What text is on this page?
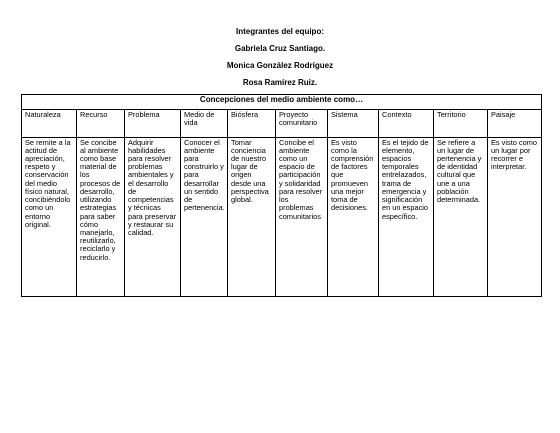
Integrantes del equipo:
Gabriela Cruz Santiago.
Monica González Rodríguez
Rosa Ramírez Ruiz.
Concepciones del medio ambiente como…									
Naturaleza	Recurso	Problema	Medio de vida	Biósfera	Proyecto comunitario	Sistema	Contexto	Territorio	Paisaje
Se remite a la actitud de apreciación, respeto y conservación del medio físico natural, concibiéndolo como un entorno original.	Se concibe al ambiente como base material de los procesos de desarrollo, utilizando estrategias para saber cómo manejarlo, reutilizarlo, reciclarlo y reducirlo.	Adquirir habilidades para resolver problemas ambientales y el desarrollo de competencias y técnicas para preservar y restaurar su calidad.	Conocer el ambiente para construirlo y para desarrollar un sentido de pertenencia.	Tomar conciencia de nuestro lugar de origen desde una perspectiva global.	Concibe el ambiente como un espacio de participación y solidaridad para resolver los problemas comunitarios	Es visto como la comprensión de factores que promueven una mejor toma de decisiones.	Es el tejido de elemento, espacios temporales entrelazados, trama de emergencia y significación en un espacio específico.	Se refiere a un lugar de pertenencia y de identidad cultural que une a una población determinada.	Es visto como un lugar por recorrer e interpretar.
